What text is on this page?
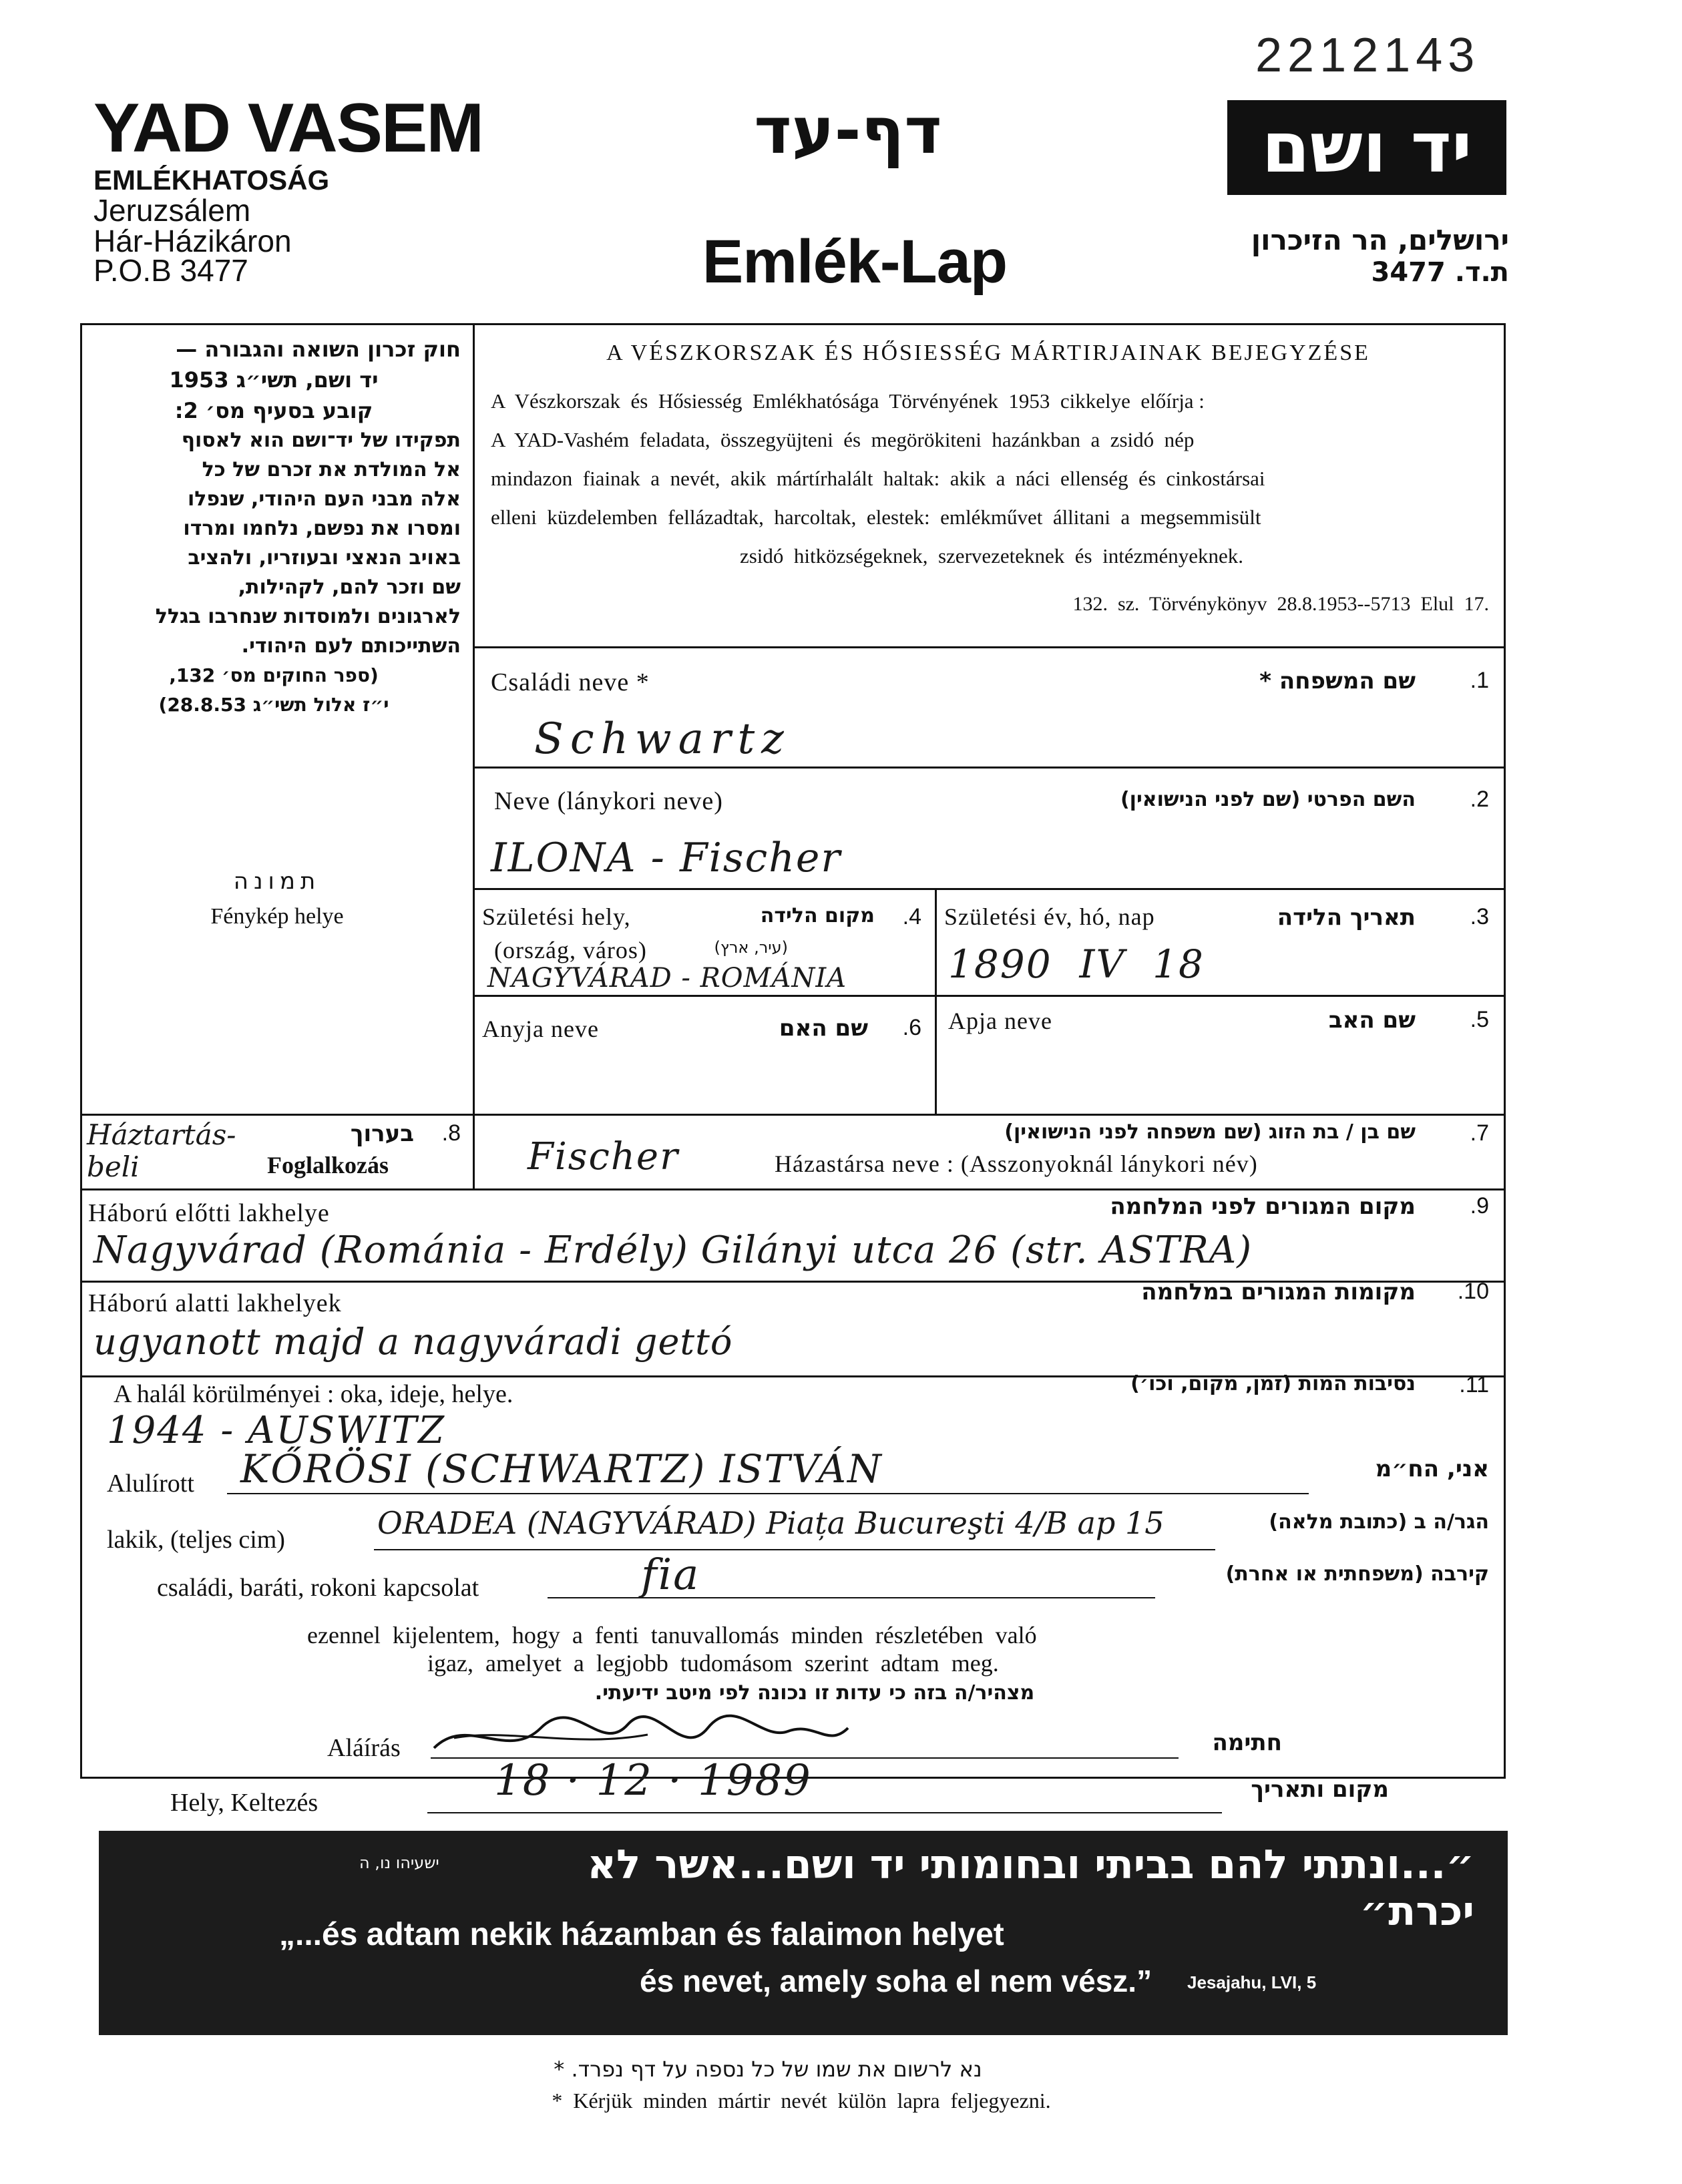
2212143
YAD VASEM
EMLÉKHATOSÁG
Jeruzsálem
Hár-Házikáron
P.O.B 3477
דף-עד
Emlék-Lap
יד ושם
ירושלים, הר הזיכרון
ת.ד. 3477
חוק זכרון השואה והגבורה —
יד ושם, תשי״ג 1953
קובע בסעיף מס׳ 2:
תפקידו של יד־ושם הוא לאסוף
אל המולדת את זכרם של כל
אלה מבני העם היהודי, שנפלו
ומסרו את נפשם, נלחמו ומרדו
באויב הנאצי ובעוזריו, ולהציב
שם וזכר להם, לקהילות,
לארגונים ולמוסדות שנחרבו בגלל
השתייכותם לעם היהודי.
(ספר החוקים מס׳ 132,
י״ז אלול תשי״ג 28.8.53)
תמונה
Fénykép helye
A VÉSZKORSZAK ÉS HŐSIESSÉG MÁRTIRJAINAK BEJEGYZÉSE
A  Vészkorszak  és  Hősiesség  Emlékhatósága  Törvényének  1953  cikkelye  előírja :
A  YAD-Vashém  feladata,  összegyüjteni  és  megörökiteni  hazánkban  a  zsidó  nép
mindazon  fiainak  a  nevét,  akik  mártírhalált  haltak:  akik  a  náci  ellenség  és  cinkostársai
elleni  küzdelemben  fellázadtak,  harcoltak,  elestek:  emlékművet  állitani  a  megsemmisült
zsidó  hitközségeknek,  szervezeteknek  és  intézményeknek.
132.  sz.  Törvénykönyv  28.8.1953--5713  Elul  17.
Családi neve *	שם המשפחה *	.1
Schwartz
Neve (lánykori neve)	השם הפרטי (שם לפני הנישואין)	.2
ILONA - Fischer
Születési hely,
(ország, város)
מקום הלידה
(עיר, ארץ)
.4
NAGYVÁRAD - ROMÁNIA
Születési év, hó, nap	תאריך הלידה	.3
1890  IV  18
Anyja neve	שם האם	.6 Apja neve	שם האב	.5
Háztartás-beli
בערוך	.8
Foglalkozás
שם בן / בת הזוג (שם משפחה לפני הנישואין)	.7
Fischer	Házastársa neve : (Asszonyoknál lánykori név)
Háború előtti lakhelye	מקום המגורים לפני המלחמה	.9
Nagyvárad (Románia - Erdély) Gilányi utca 26 (str. ASTRA)
Háború alatti lakhelyek	מקומות המגורים במלחמה	.10
ugyanott majd a nagyváradi gettó
A halál körülményei : oka, ideje, helye.	נסיבות המות (זמן, מקום, וכו׳)	.11
1944 - AUSWITZ
Alulírott KŐRÖSI (SCHWARTZ) ISTVÁN	אני, הח״מ
lakik, (teljes cim)	ORADEA (NAGYVÁRAD) Piața Bucureşti 4/B ap 15	הגר/ה ב (כתובת מלאה)
családi, baráti, rokoni kapcsolat	fia	קירבה (משפחתית או אחרת)
ezennel  kijelentem,  hogy  a  fenti  tanuvallomás  minden  részletében  való
igaz,  amelyet  a  legjobb  tudomásom  szerint  adtam  meg.
מצהיר/ה בזה כי עדות זו נכונה לפי מיטב ידיעתי.
Aláírás	חתימה
Hely, Keltezés	18 · 12 · 1989	מקום ותאריך
ישעיהו נו, ה	״...ונתתי להם בביתי ובחומותי יד ושם...אשר לא יכרת״
„...és adtam nekik házamban és falaimon helyet
és nevet, amely soha el nem vész.” Jesajahu, LVI, 5
נא לרשום את שמו של כל נספה על דף נפרד. *
*  Kérjük  minden  mártir  nevét  külön  lapra  feljegyezni.
